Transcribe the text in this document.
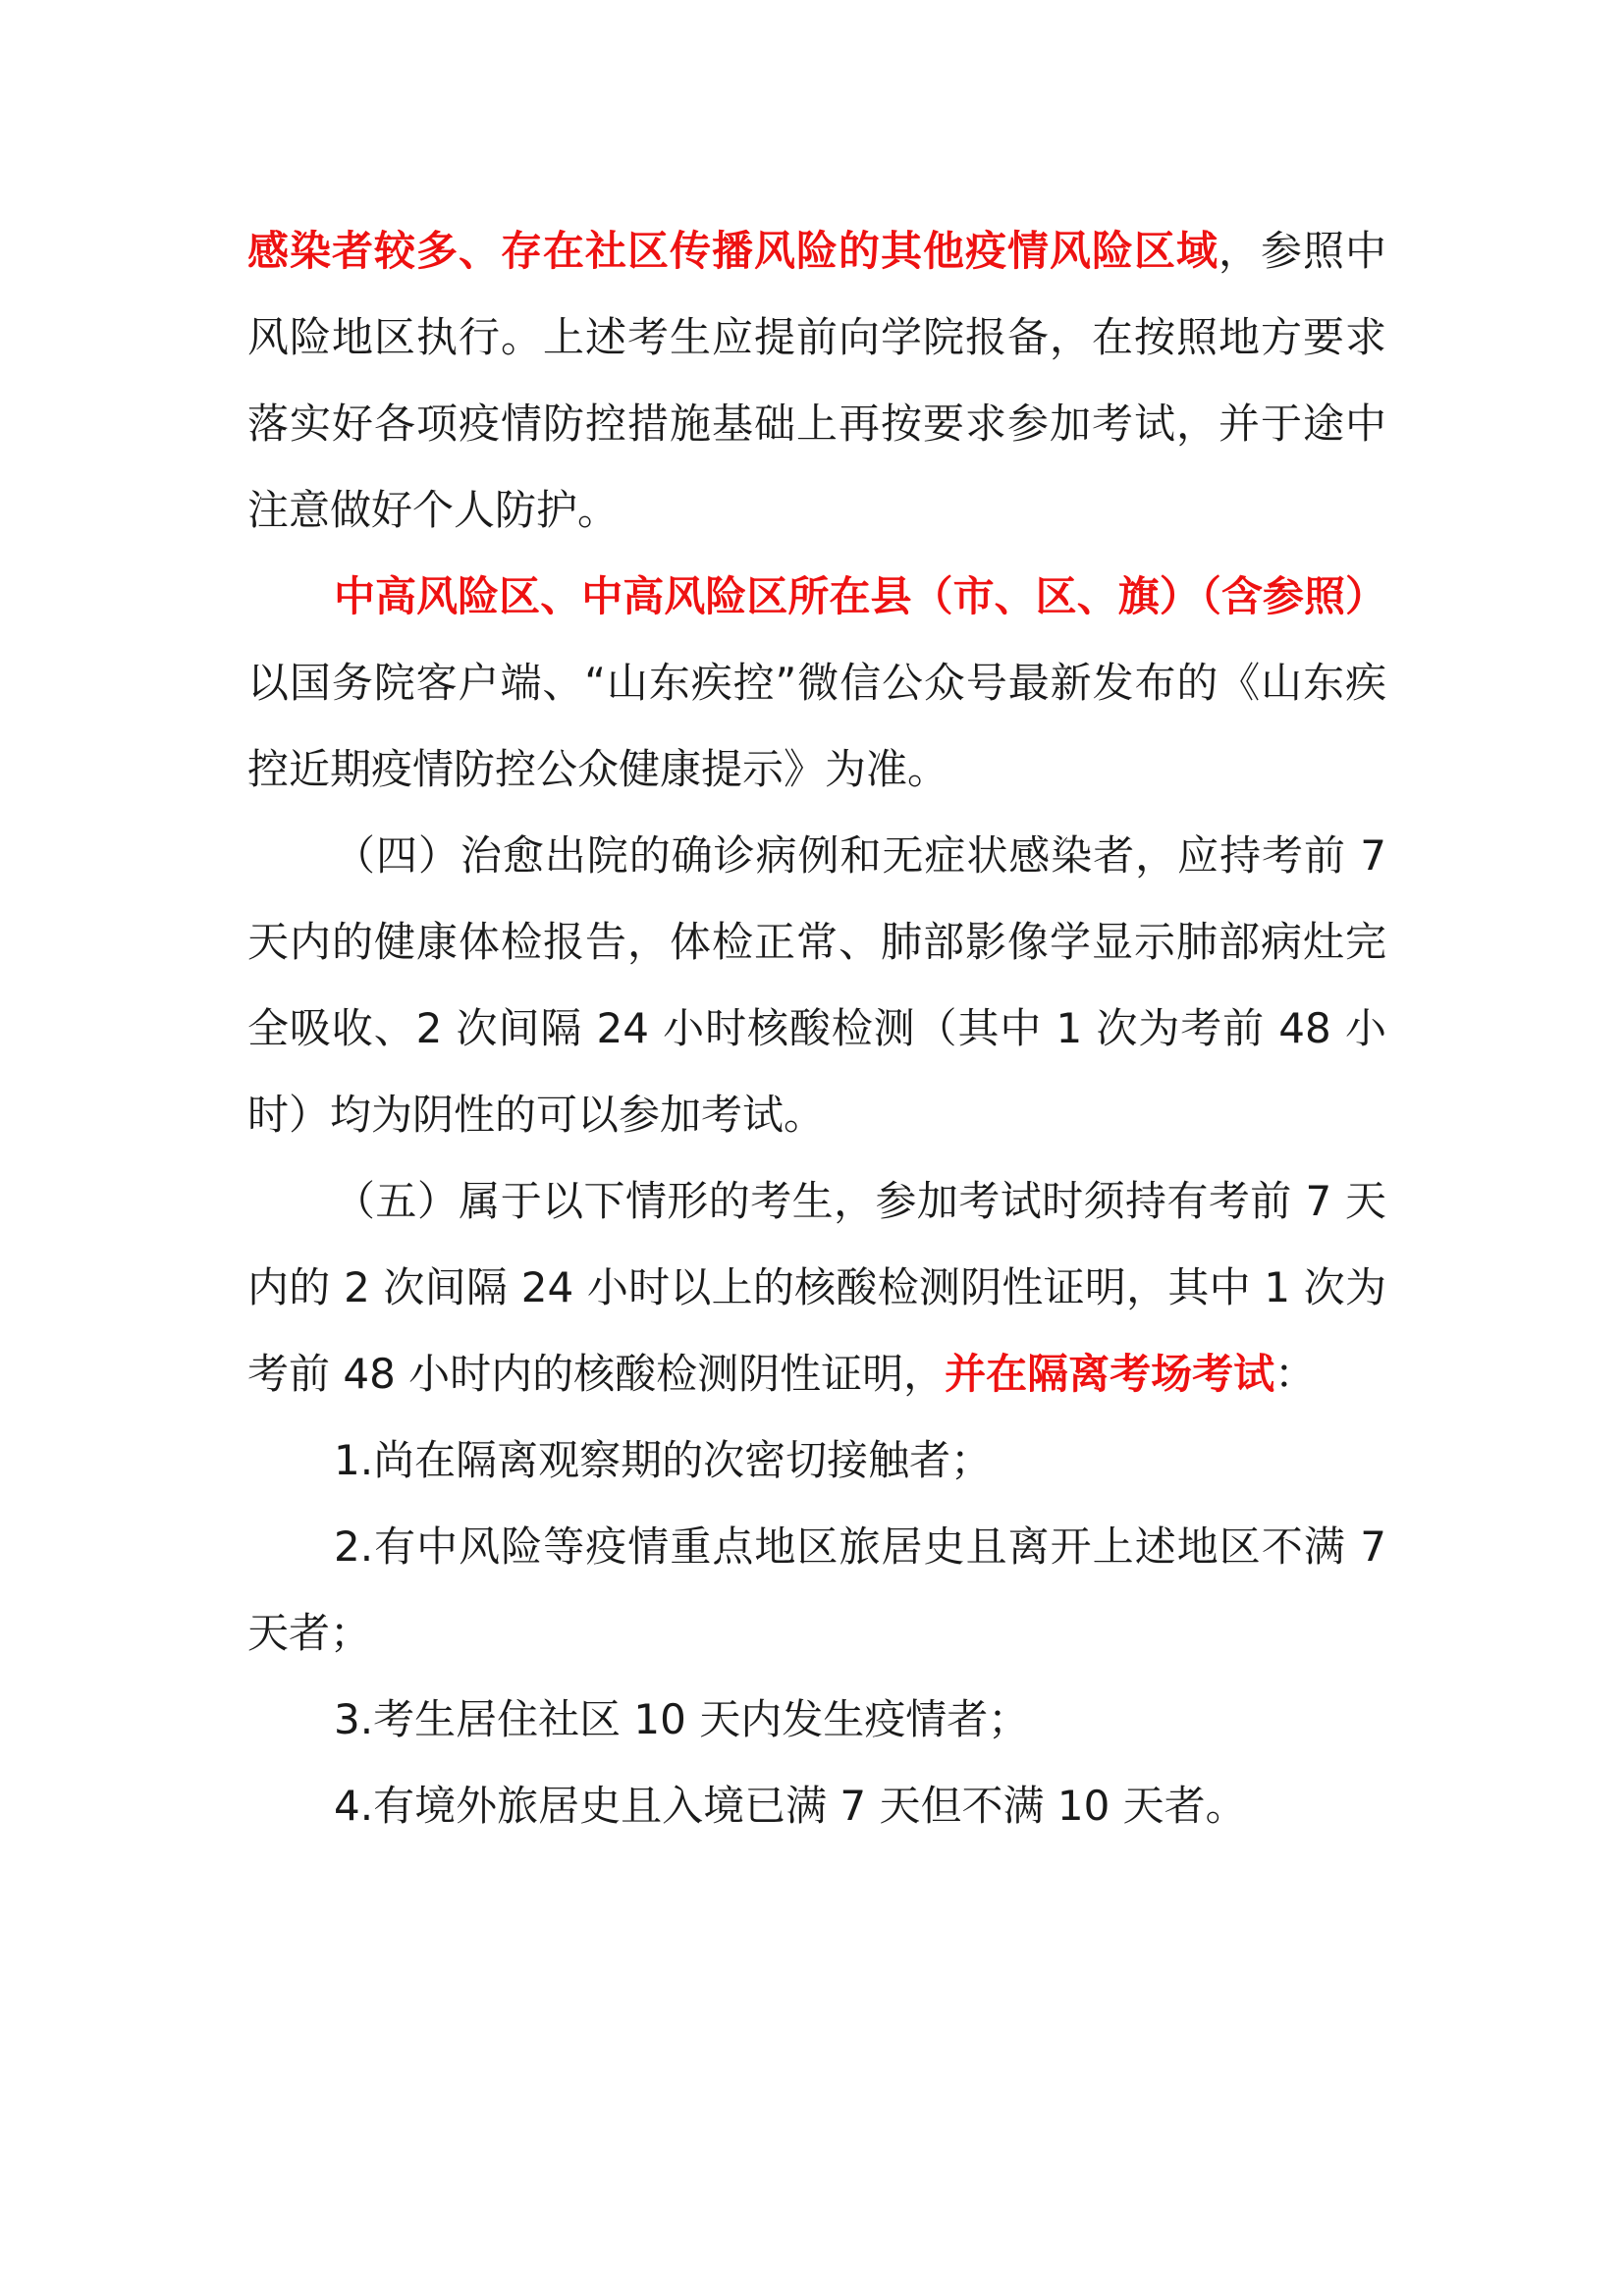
感染者较多、存在社区传播风险的其他疫情风险区域，参照中风险地区执行。上述考生应提前向学院报备，在按照地方要求落实好各项疫情防控措施基础上再按要求参加考试，并于途中注意做好个人防护。

中高风险区、中高风险区所在县（市、区、旗）（含参照）以国务院客户端、“山东疾控”微信公众号最新发布的《山东疾控近期疫情防控公众健康提示》为准。

（四）治愈出院的确诊病例和无症状感染者，应持考前 7 天内的健康体检报告，体检正常、肺部影像学显示肺部病灶完全吸收、2 次间隔 24 小时核酸检测（其中 1 次为考前 48 小时）均为阴性的可以参加考试。

（五）属于以下情形的考生，参加考试时须持有考前 7 天内的 2 次间隔 24 小时以上的核酸检测阴性证明，其中 1 次为考前 48 小时内的核酸检测阴性证明，并在隔离考场考试：

1.尚在隔离观察期的次密切接触者；

2.有中风险等疫情重点地区旅居史且离开上述地区不满 7 天者；

3.考生居住社区 10 天内发生疫情者；

4.有境外旅居史且入境已满 7 天但不满 10 天者。
